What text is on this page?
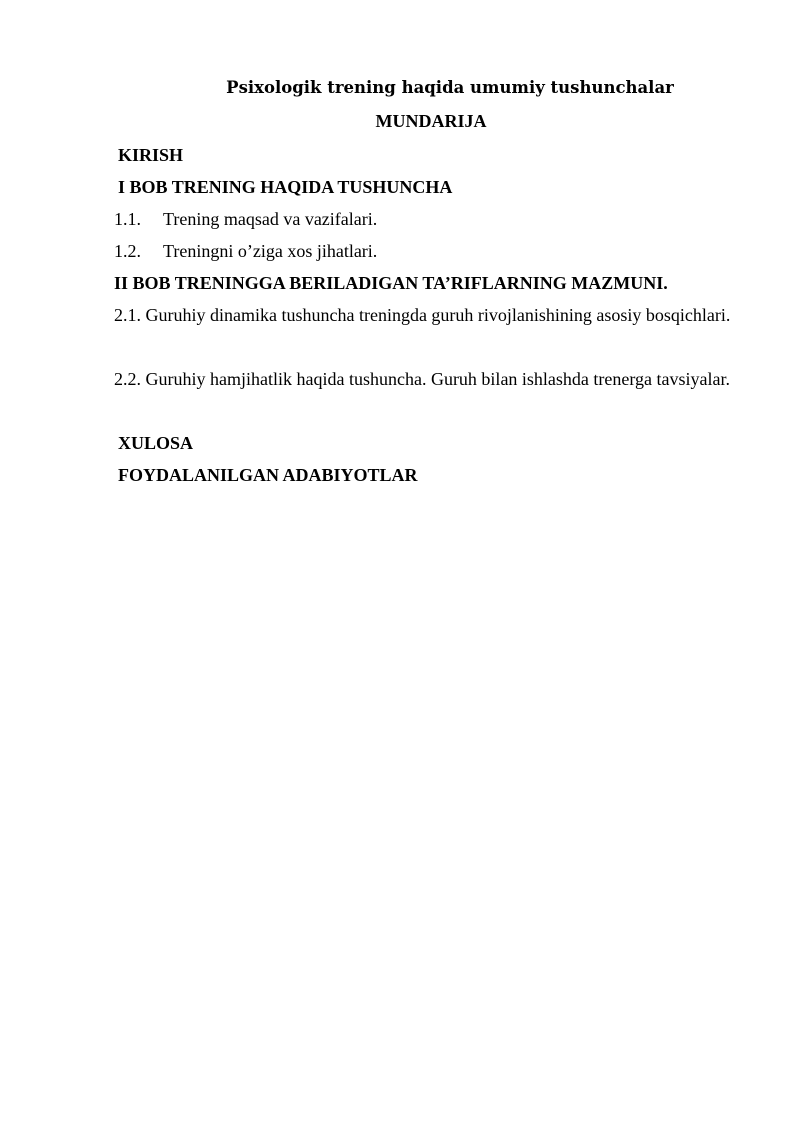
Psixologik trening haqida umumiy tushunchalar
MUNDARIJA
KIRISH
I BOB TRENING HAQIDA TUSHUNCHA
1.1. Trening maqsad va vazifalari.
1.2. Treningni o’ziga xos jihatlari.
II BOB TRENINGGA BERILADIGAN TA’RIFLARNING MAZMUNI.
2.1. Guruhiy dinamika tushuncha treningda guruh rivojlanishining asosiy bosqichlari.
2.2. Guruhiy hamjihatlik haqida tushuncha. Guruh bilan ishlashda trenerga tavsiyalar.
XULOSA
FOYDALANILGAN ADABIYOTLAR
